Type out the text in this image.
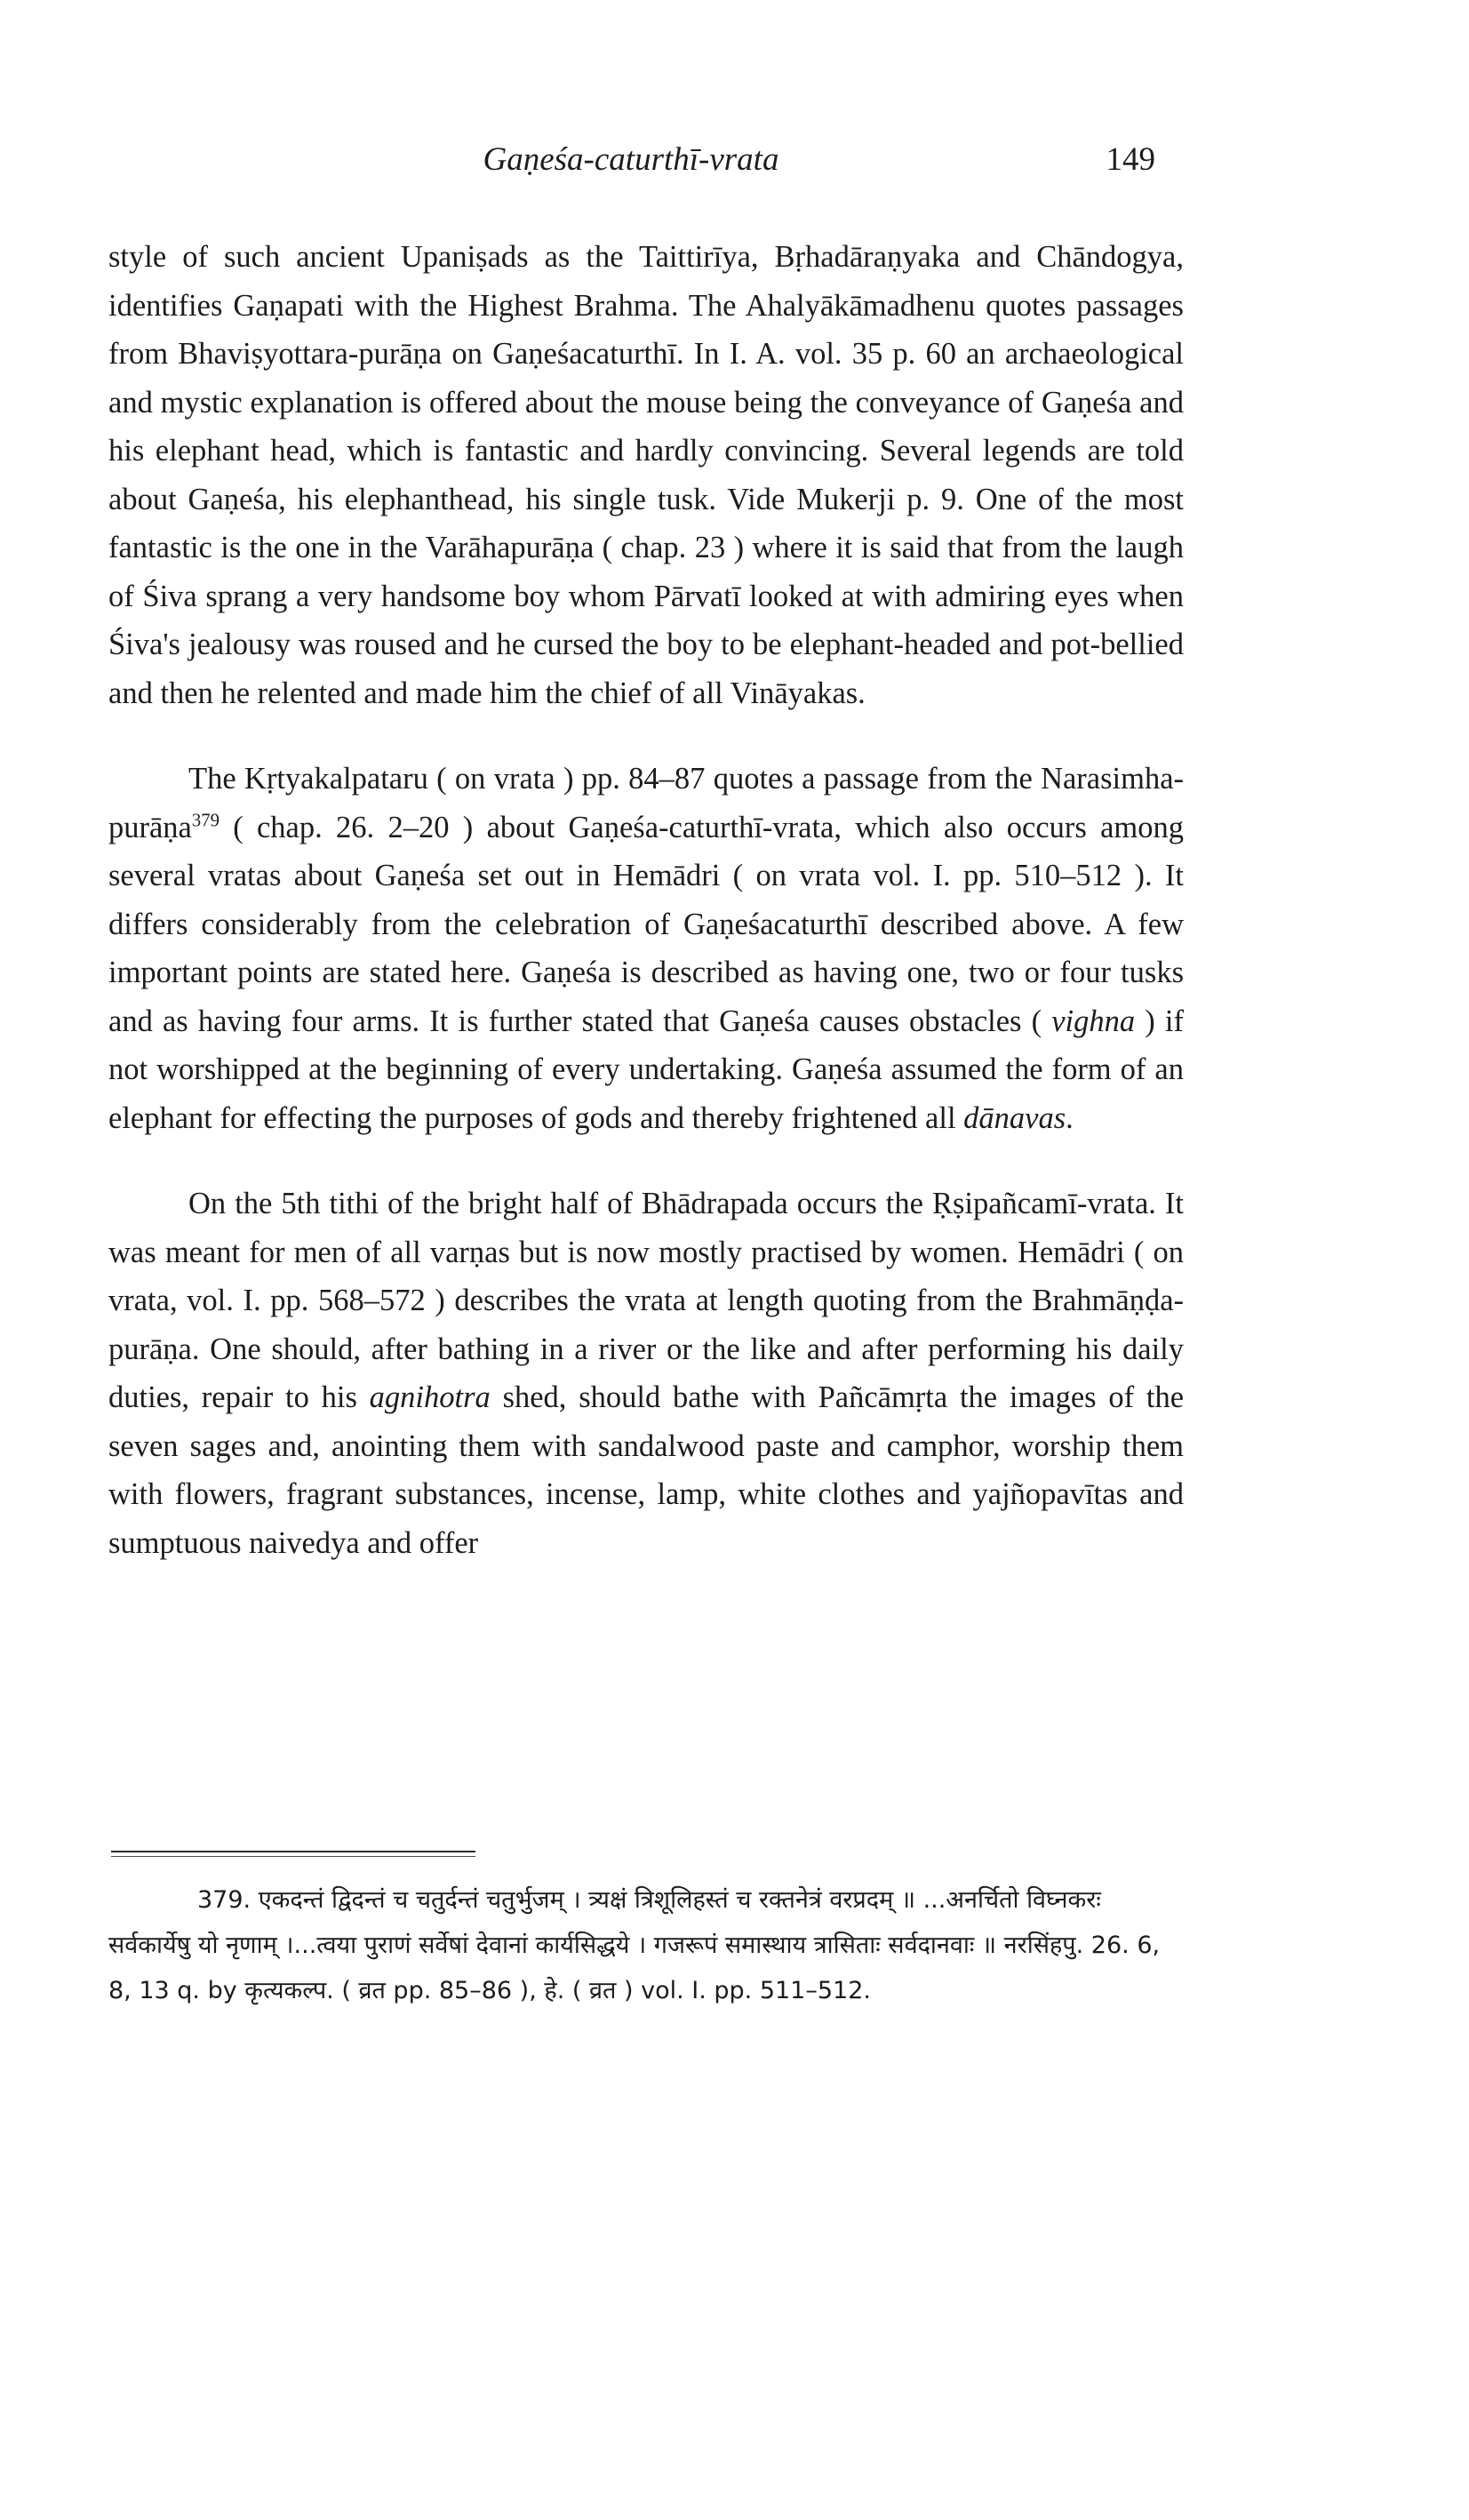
Gaṇeśa-caturthī-vrata	149

style of such ancient Upaniṣads as the Taittirīya, Bṛhadāraṇyaka and Chāndogya, identifies Gaṇapati with the Highest Brahma. The Ahalyākāmadhenu quotes passages from Bhaviṣyottara-purāṇa on Gaṇeśacaturthī. In I. A. vol. 35 p. 60 an archaeological and mystic explanation is offered about the mouse being the conveyance of Gaṇeśa and his elephant head, which is fantastic and hardly convincing. Several legends are told about Gaṇeśa, his elephanthead, his single tusk. Vide Mukerji p. 9. One of the most fantastic is the one in the Varāhapurāṇa ( chap. 23 ) where it is said that from the laugh of Śiva sprang a very handsome boy whom Pārvatī looked at with admiring eyes when Śiva's jealousy was roused and he cursed the boy to be elephant-headed and pot-bellied and then he relented and made him the chief of all Vināyakas.

The Kṛtyakalpataru ( on vrata ) pp. 84–87 quotes a passage from the Narasimha-purāṇa$^{379}$ ( chap. 26. 2–20 ) about Gaṇeśa-caturthī-vrata, which also occurs among several vratas about Gaṇeśa set out in Hemādri ( on vrata vol. I. pp. 510–512 ). It differs considerably from the celebration of Gaṇeśacaturthī described above. A few important points are stated here. Gaṇeśa is described as having one, two or four tusks and as having four arms. It is further stated that Gaṇeśa causes obstacles ( vighna ) if not worshipped at the beginning of every undertaking. Gaṇeśa assumed the form of an elephant for effecting the purposes of gods and thereby frightened all dānavas.

On the 5th tithi of the bright half of Bhādrapada occurs the Ṛṣipañcamī-vrata. It was meant for men of all varṇas but is now mostly practised by women. Hemādri ( on vrata, vol. I. pp. 568–572 ) describes the vrata at length quoting from the Brahmāṇḍa-purāṇa. One should, after bathing in a river or the like and after performing his daily duties, repair to his agnihotra shed, should bathe with Pañcāmṛta the images of the seven sages and, anointing them with sandalwood paste and camphor, worship them with flowers, fragrant substances, incense, lamp, white clothes and yajñopavītas and sumptuous naivedya and offer

379. एकदन्तं द्विदन्तं च चतुर्दन्तं चतुर्भुजम् । त्र्यक्षं त्रिशूलिहस्तं च रक्तनेत्रं वरप्रदम् ॥ ...अनर्चितो विघ्नकरः सर्वकार्येषु यो नृणाम् ।...त्वया पुराणं सर्वेषां देवानां कार्यसिद्धये । गजरूपं समास्थाय त्रासिताः सर्वदानवाः ॥ नरसिंहपु. 26. 6, 8, 13 q. by कृत्यकल्प. ( व्रत pp. 85–86 ), हे. ( व्रत ) vol. I. pp. 511–512.
